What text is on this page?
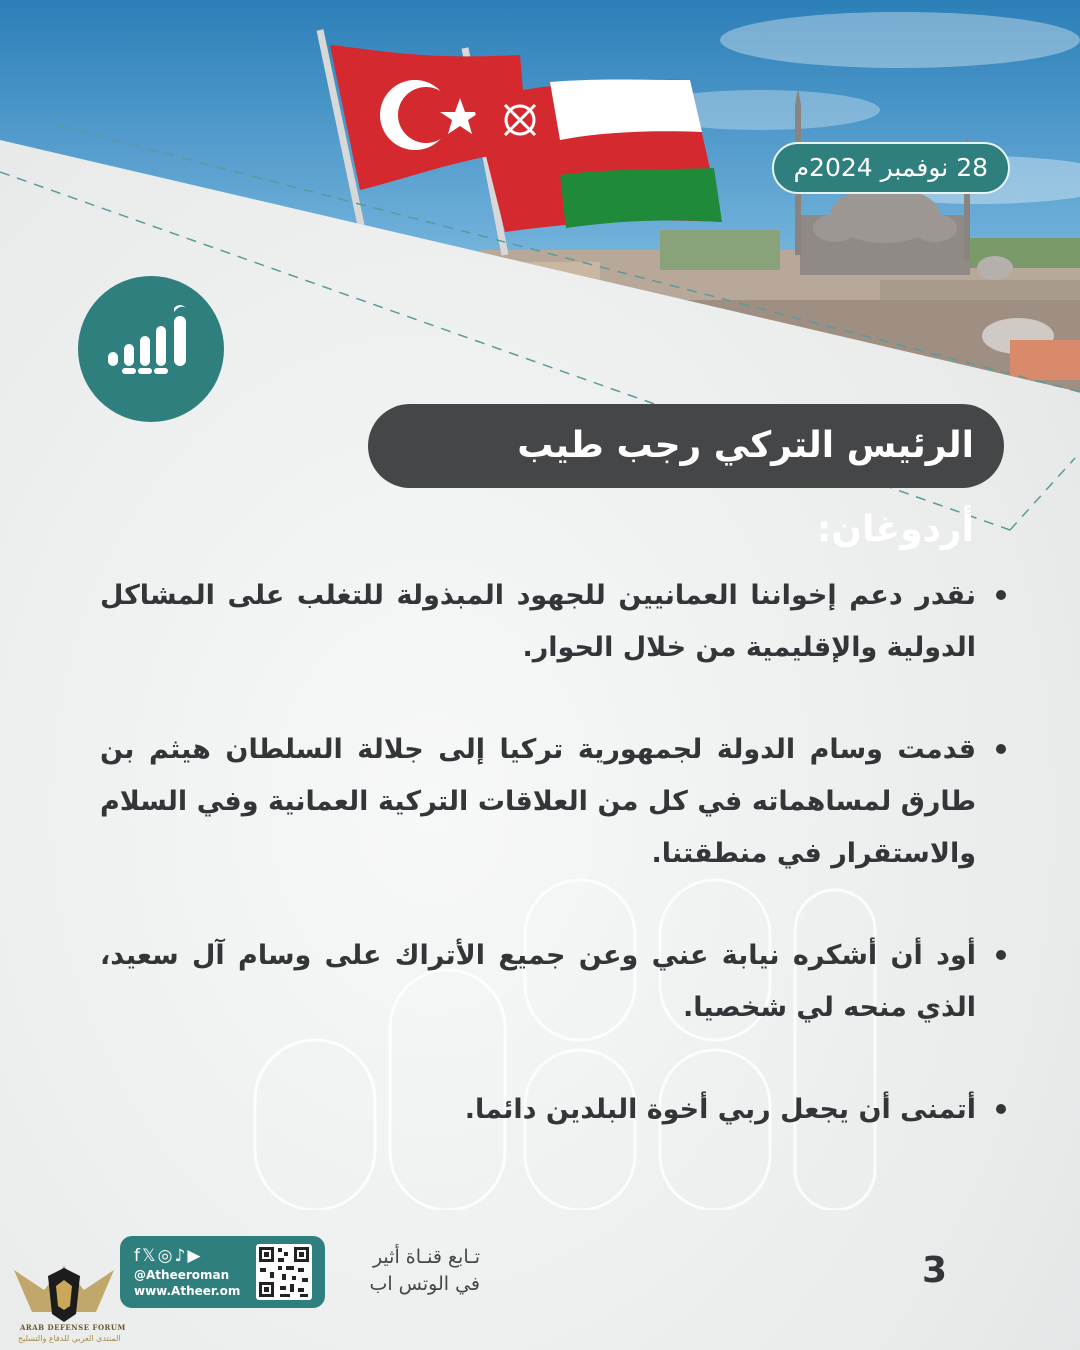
28 نوفمبر 2024م
الرئيس التركي رجب طيب أردوغان:

نقدر دعم إخواننا العمانيين للجهود المبذولة للتغلب على المشاكل الدولية والإقليمية من خلال الحوار.

قدمت وسام الدولة لجمهورية تركيا إلى جلالة السلطان هيثم بن طارق لمساهماته في كل من العلاقات التركية العمانية وفي السلام والاستقرار في منطقتنا.

أود أن أشكره نيابة عني وعن جميع الأتراك على وسام آل سعيد، الذي منحه لي شخصيا.

أتمنى أن يجعل ربي أخوة البلدين دائما.

f𝕏◎♪▶
@Atheeroman
www.Atheer.om
تـابع قنـاة أثير
في الوتس اب	3
ARAB DEFENSE FORUM
المنتدى العربي للدفاع والتسليح
